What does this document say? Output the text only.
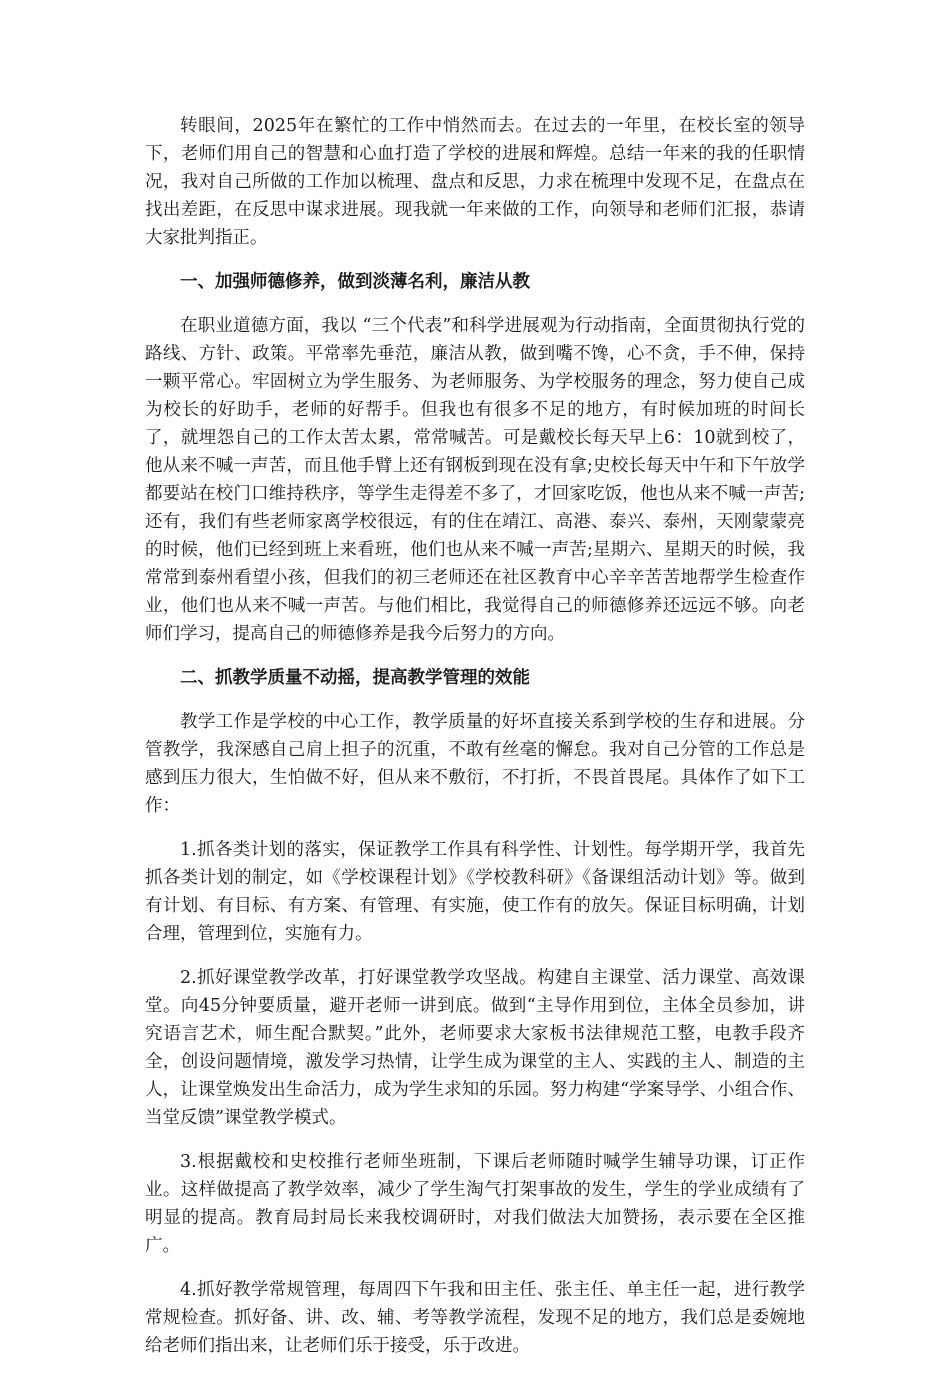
转眼间，2025年在繁忙的工作中悄然而去。在过去的一年里，在校长室的领导下，老师们用自己的智慧和心血打造了学校的进展和辉煌。总结一年来的我的任职情况，我对自己所做的工作加以梳理、盘点和反思，力求在梳理中发现不足，在盘点在找出差距，在反思中谋求进展。现我就一年来做的工作，向领导和老师们汇报，恭请大家批判指正。

一、加强师德修养，做到淡薄名利，廉洁从教

在职业道德方面，我以 “三个代表”和科学进展观为行动指南，全面贯彻执行党的路线、方针、政策。平常率先垂范，廉洁从教，做到嘴不馋，心不贪，手不伸，保持一颗平常心。牢固树立为学生服务、为老师服务、为学校服务的理念，努力使自己成为校长的好助手，老师的好帮手。但我也有很多不足的地方，有时候加班的时间长了，就埋怨自己的工作太苦太累，常常喊苦。可是戴校长每天早上6：10就到校了，他从来不喊一声苦，而且他手臂上还有钢板到现在没有拿;史校长每天中午和下午放学都要站在校门口维持秩序，等学生走得差不多了，才回家吃饭，他也从来不喊一声苦;还有，我们有些老师家离学校很远，有的住在靖江、高港、泰兴、泰州，天刚蒙蒙亮的时候，他们已经到班上来看班，他们也从来不喊一声苦;星期六、星期天的时候，我常常到泰州看望小孩，但我们的初三老师还在社区教育中心辛辛苦苦地帮学生检查作业，他们也从来不喊一声苦。与他们相比，我觉得自己的师德修养还远远不够。向老师们学习，提高自己的师德修养是我今后努力的方向。

二、抓教学质量不动摇，提高教学管理的效能

教学工作是学校的中心工作，教学质量的好坏直接关系到学校的生存和进展。分管教学，我深感自己肩上担子的沉重，不敢有丝毫的懈怠。我对自己分管的工作总是感到压力很大，生怕做不好，但从来不敷衍，不打折，不畏首畏尾。具体作了如下工作：

1.抓各类计划的落实，保证教学工作具有科学性、计划性。每学期开学，我首先抓各类计划的制定，如《学校课程计划》《学校教科研》《备课组活动计划》等。做到有计划、有目标、有方案、有管理、有实施，使工作有的放矢。保证目标明确，计划合理，管理到位，实施有力。

2.抓好课堂教学改革，打好课堂教学攻坚战。构建自主课堂、活力课堂、高效课堂。向45分钟要质量，避开老师一讲到底。做到“主导作用到位，主体全员参加，讲究语言艺术，师生配合默契。”此外，老师要求大家板书法律规范工整，电教手段齐全，创设问题情境，激发学习热情，让学生成为课堂的主人、实践的主人、制造的主人，让课堂焕发出生命活力，成为学生求知的乐园。努力构建“学案导学、小组合作、当堂反馈”课堂教学模式。

3.根据戴校和史校推行老师坐班制，下课后老师随时喊学生辅导功课，订正作业。这样做提高了教学效率，减少了学生淘气打架事故的发生，学生的学业成绩有了明显的提高。教育局封局长来我校调研时，对我们做法大加赞扬，表示要在全区推广。

4.抓好教学常规管理，每周四下午我和田主任、张主任、单主任一起，进行教学常规检查。抓好备、讲、改、辅、考等教学流程，发现不足的地方，我们总是委婉地给老师们指出来，让老师们乐于接受，乐于改进。
